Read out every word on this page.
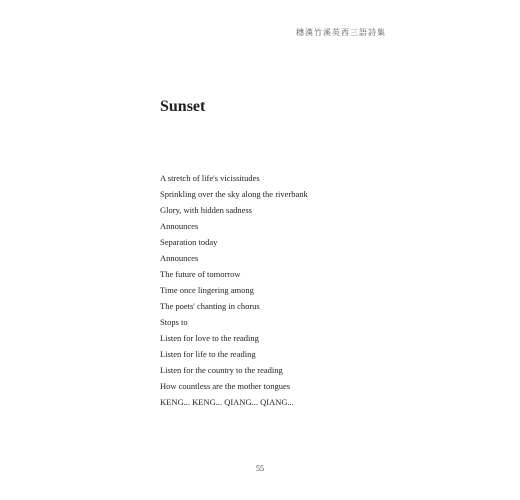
穗漢竹溪英西三語詩集
Sunset
A stretch of life's vicissitudes
Sprinkling over the sky along the riverbank
Glory, with hidden sadness
Announces
Separation today
Announces
The future of tomorrow
Time once lingering among
The poets' chanting in chorus
Stops to
Listen for love to the reading
Listen for life to the reading
Listen for the country to the reading
How countless are the mother tongues
KENG... KENG... QIANG... QIANG...
55
